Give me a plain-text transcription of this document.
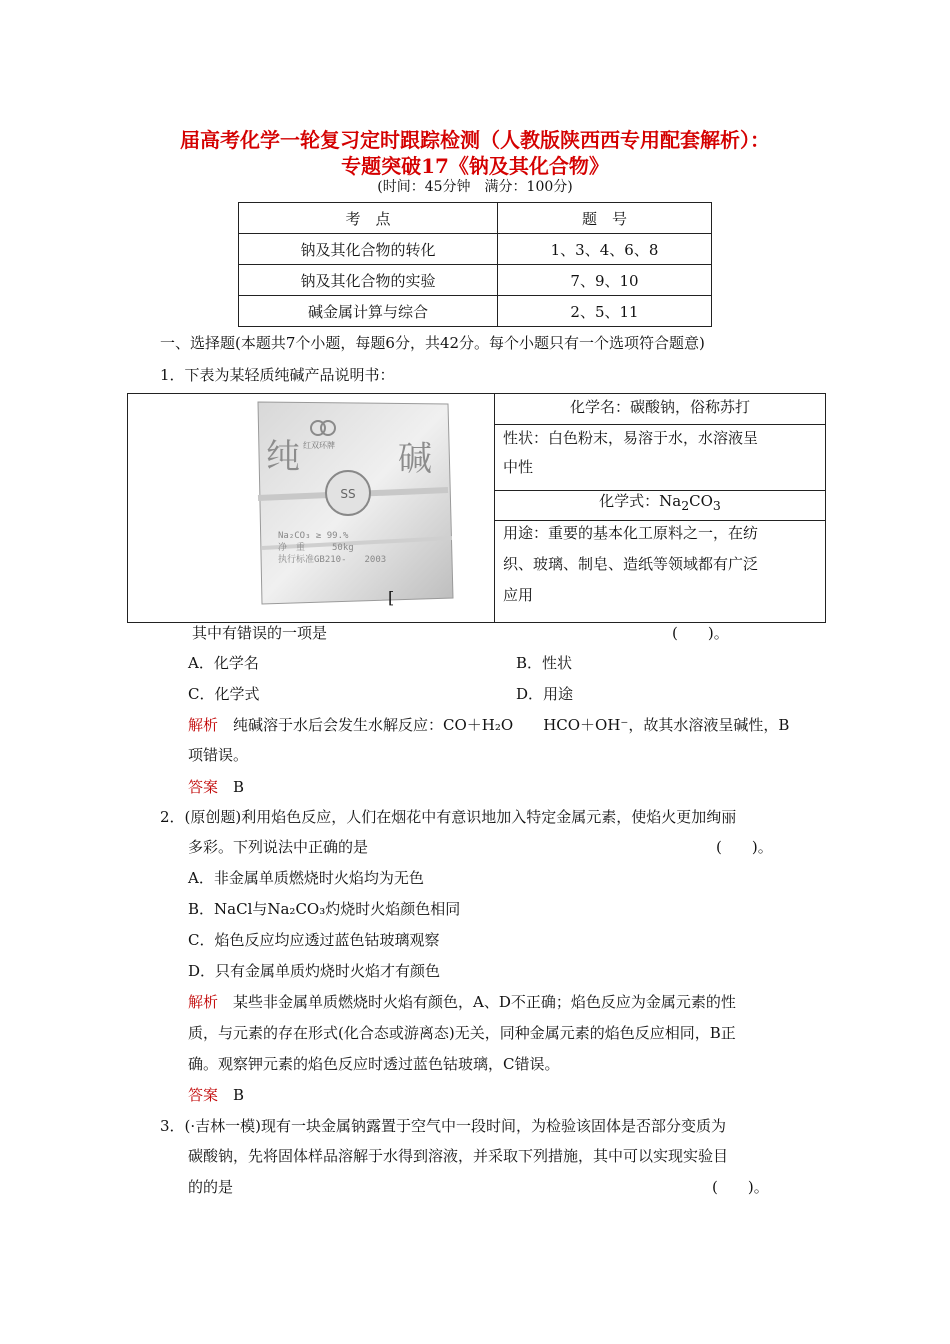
届高考化学一轮复习定时跟踪检测（人教版陕西西专用配套解析）：
专题突破17《钠及其化合物》
(时间：45分钟　满分：100分)
考　点	题　号
钠及其化合物的转化	1、3、4、6、8
钠及其化合物的实验	7、9、10
碱金属计算与综合	2、5、11
一、选择题(本题共7个小题，每题6分，共42分。每个小题只有一个选项符合题意)
1．下表为某轻质纯碱产品说明书：
纯	碱
红双环牌
SS
Na₂CO₃ ≥ 99.%
净　重　　　50kg
执行标准GB210-　　2003
[
化学名：碳酸钠，俗称苏打
性状：白色粉末，易溶于水，水溶液呈
中性
化学式：$Na_2CO_3$
用途：重要的基本化工原料之一，在纺
织、玻璃、制皂、造纸等领域都有广泛
应用
其中有错误的一项是	(　　)。
A．化学名	B．性状
C．化学式	D．用途
解析　 纯碱溶于水后会发生水解反应：CO＋H₂O　　HCO＋OH⁻，故其水溶液呈碱性，B
项错误。
答案　 B
2．(原创题)利用焰色反应，人们在烟花中有意识地加入特定金属元素，使焰火更加绚丽
多彩。下列说法中正确的是	(　　)。
A．非金属单质燃烧时火焰均为无色
B．NaCl与Na₂CO₃灼烧时火焰颜色相同
C．焰色反应均应透过蓝色钴玻璃观察
D．只有金属单质灼烧时火焰才有颜色
解析　 某些非金属单质燃烧时火焰有颜色，A、D不正确；焰色反应为金属元素的性
质，与元素的存在形式(化合态或游离态)无关，同种金属元素的焰色反应相同，B正
确。观察钾元素的焰色反应时透过蓝色钴玻璃，C错误。
答案　 B
3．(·吉林一模)现有一块金属钠露置于空气中一段时间，为检验该固体是否部分变质为
碳酸钠，先将固体样品溶解于水得到溶液，并采取下列措施，其中可以实现实验目
的的是	(　　)。
